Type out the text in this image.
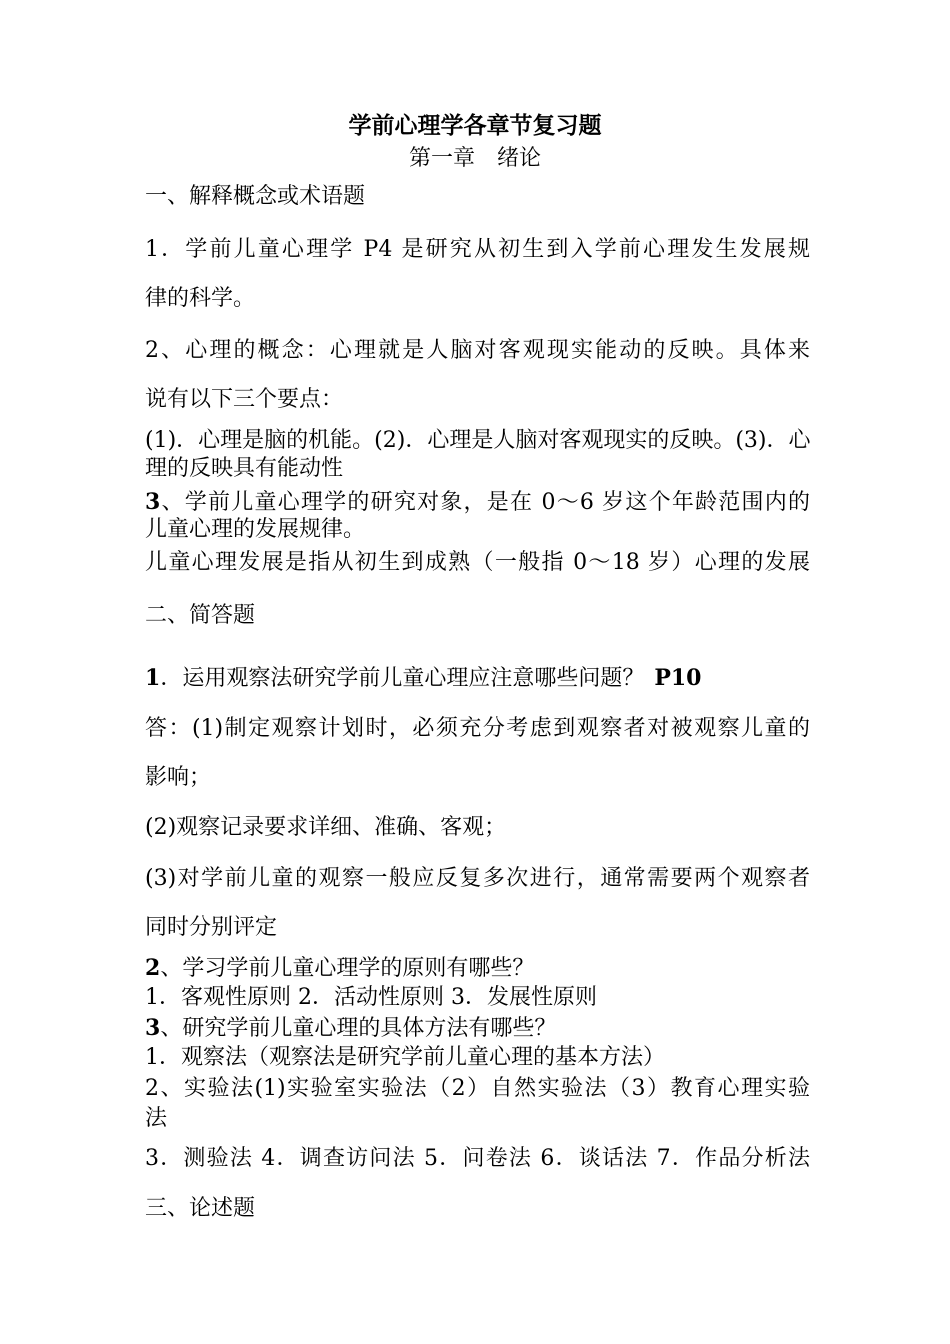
学前心理学各章节复习题

第一章　绪论

一、解释概念或术语题

1．学前儿童心理学 P4 是研究从初生到入学前心理发生发展规

律的科学。

2、心理的概念：心理就是人脑对客观现实能动的反映。具体来

说有以下三个要点：

(1)．心理是脑的机能。(2)．心理是人脑对客观现实的反映。(3)．心

理的反映具有能动性

3、学前儿童心理学的研究对象，是在 0～6 岁这个年龄范围内的

儿童心理的发展规律。

儿童心理发展是指从初生到成熟（一般指 0～18 岁）心理的发展

二、简答题

1．运用观察法研究学前儿童心理应注意哪些问题？ P10

答：(1)制定观察计划时，必须充分考虑到观察者对被观察儿童的

影响；

(2)观察记录要求详细、准确、客观；

(3)对学前儿童的观察一般应反复多次进行，通常需要两个观察者

同时分别评定

2、学习学前儿童心理学的原则有哪些？

1．客观性原则 2．活动性原则 3．发展性原则

3、研究学前儿童心理的具体方法有哪些？

1．观察法（观察法是研究学前儿童心理的基本方法）

2、实验法(1)实验室实验法（2）自然实验法（3）教育心理实验

法

3．测验法 4．调查访问法 5．问卷法 6．谈话法 7．作品分析法

三、论述题
